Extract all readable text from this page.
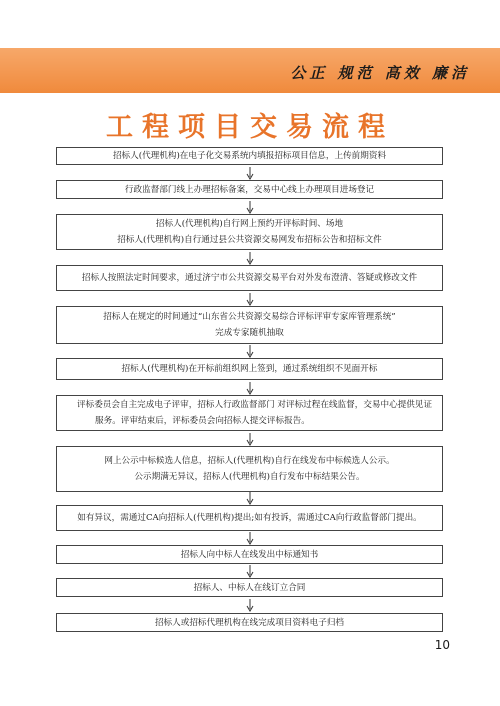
公正 规范 高效 廉洁
工程项目交易流程
招标人(代理机构)在电子化交易系统内填报招标项目信息，上传前期资料
行政监督部门线上办理招标备案，交易中心线上办理项目进场登记
招标人(代理机构)自行网上预约开评标时间、场地
招标人(代理机构)自行通过县公共资源交易网发布招标公告和招标文件
招标人按照法定时间要求，通过济宁市公共资源交易平台对外发布澄清、答疑或修改文件
招标人在规定的时间通过“山东省公共资源交易综合评标评审专家库管理系统”
完成专家随机抽取
招标人(代理机构)在开标前组织网上签到，通过系统组织不见面开标
评标委员会自主完成电子评审，招标人行政监督部门 对评标过程在线监督，交易中心提供见证
服务。评审结束后，评标委员会向招标人提交评标报告。
网上公示中标候选人信息，招标人(代理机构)自行在线发布中标候选人公示。
公示期满无异议，招标人(代理机构)自行发布中标结果公告。
如有异议，需通过CA向招标人(代理机构)提出;如有投诉，需通过CA向行政监督部门提出。
招标人向中标人在线发出中标通知书
招标人、中标人在线订立合同
招标人或招标代理机构在线完成项目资料电子归档
10
